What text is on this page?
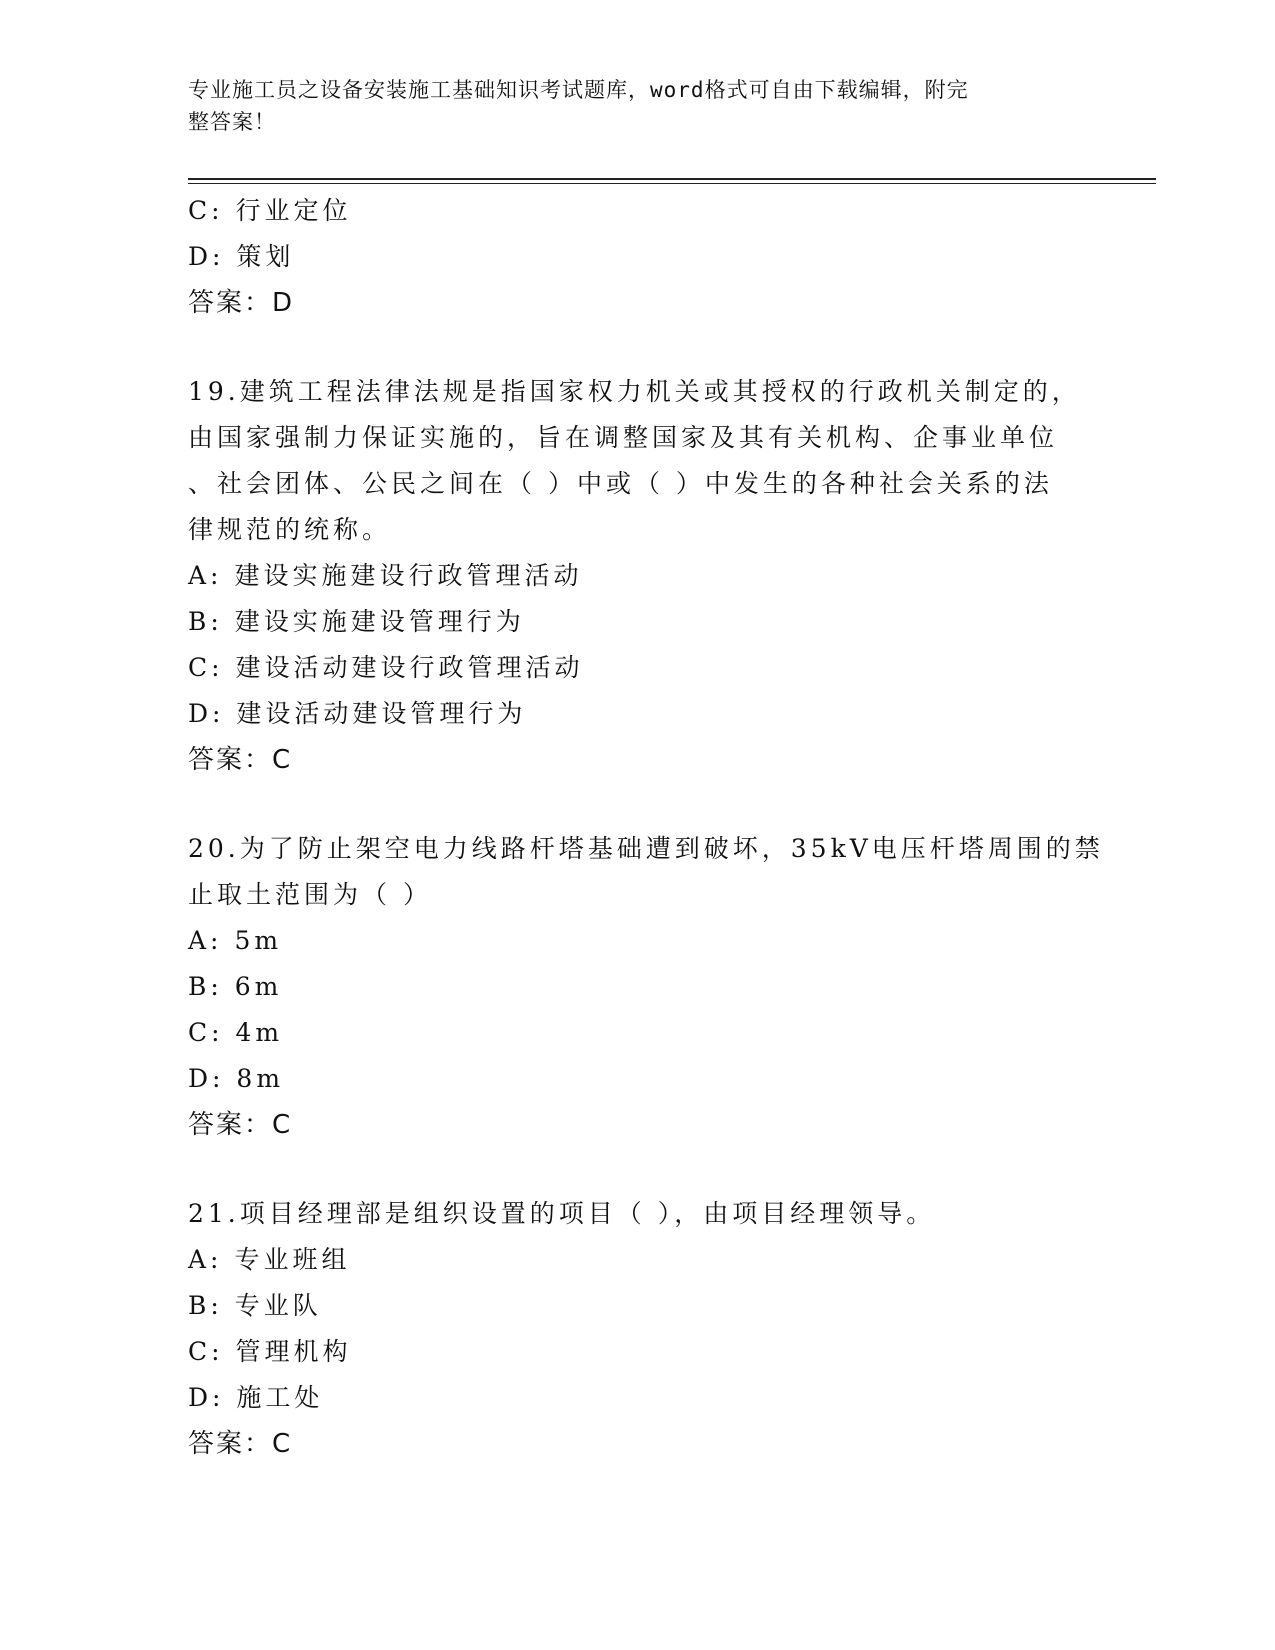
专业施工员之设备安装施工基础知识考试题库，word格式可自由下载编辑，附完
整答案！
C: 行业定位
D: 策划
答案：D
19.建筑工程法律法规是指国家权力机关或其授权的行政机关制定的，
由国家强制力保证实施的，旨在调整国家及其有关机构、企事业单位
、社会团体、公民之间在（ ）中或（ ）中发生的各种社会关系的法
律规范的统称。
A: 建设实施建设行政管理活动
B: 建设实施建设管理行为
C: 建设活动建设行政管理活动
D: 建设活动建设管理行为
答案：C
20.为了防止架空电力线路杆塔基础遭到破坏，35kV电压杆塔周围的禁
止取土范围为（ ）
A: 5m
B: 6m
C: 4m
D: 8m
答案：C
21.项目经理部是组织设置的项目（ ），由项目经理领导。
A: 专业班组
B: 专业队
C: 管理机构
D: 施工处
答案：C
